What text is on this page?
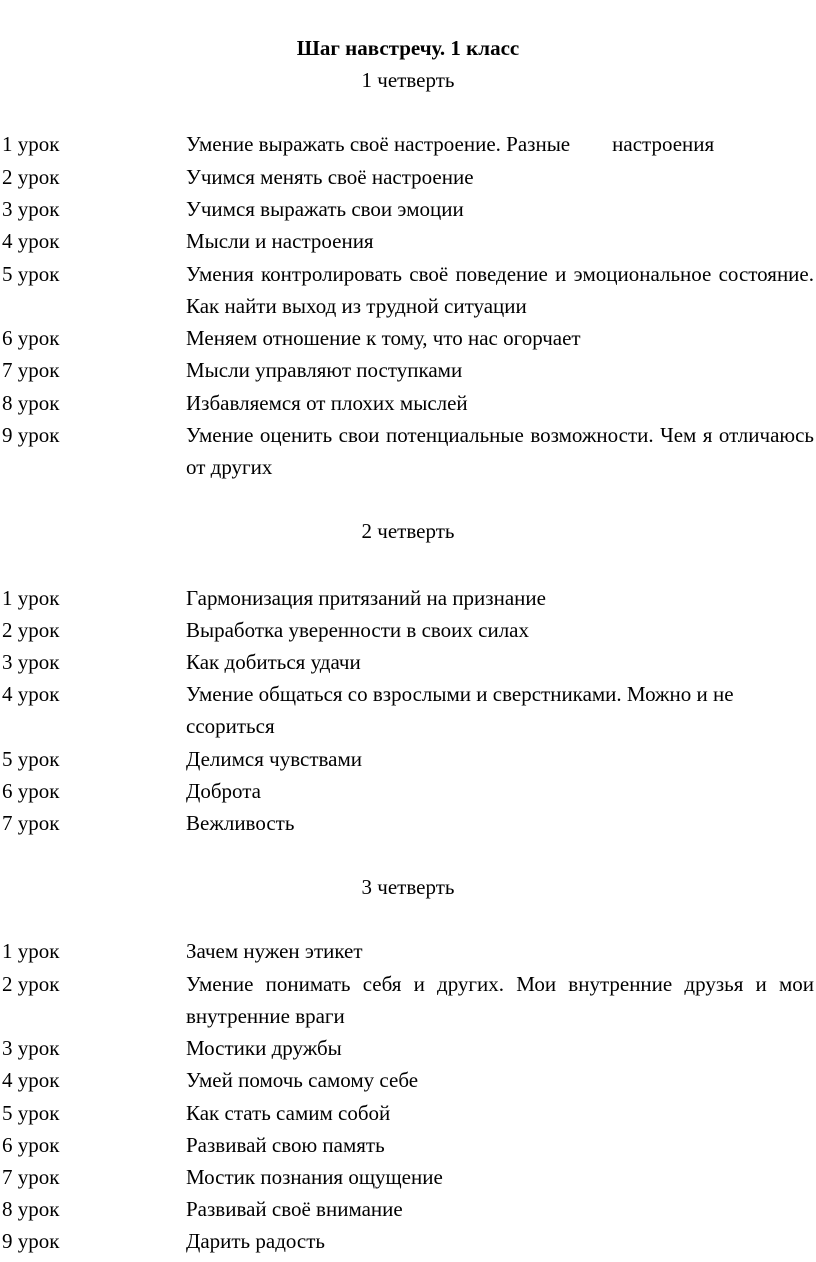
Шаг навстречу. 1 класс
1 четверть
1 урок	Умение выражать своё настроение. Разные        настроения
2 урок	Учимся менять своё настроение
3 урок	Учимся выражать свои эмоции
4 урок	Мысли и настроения
5 урок	Умения контролировать своё поведение и эмоциональное состояние. Как найти выход из трудной ситуации
6 урок	Меняем отношение к тому, что нас огорчает
7 урок	Мысли управляют поступками
8 урок	Избавляемся от плохих мыслей
9 урок	Умение оценить свои потенциальные возможности. Чем я отличаюсь от других
2 четверть
1 урок	Гармонизация притязаний на признание
2 урок	Выработка уверенности в своих силах
3 урок	Как добиться удачи
4 урок	Умение общаться со взрослыми и сверстниками. Можно и не ссориться
5 урок	Делимся чувствами
6 урок	Доброта
7 урок	Вежливость
3 четверть
1 урок	Зачем нужен этикет
2 урок	Умение понимать себя и других. Мои внутренние друзья и мои внутренние враги
3 урок	Мостики дружбы
4 урок	Умей помочь самому себе
5 урок	Как стать самим собой
6 урок	Развивай свою память
7 урок	Мостик познания ощущение
8 урок	Развивай своё внимание
9 урок	Дарить радость
